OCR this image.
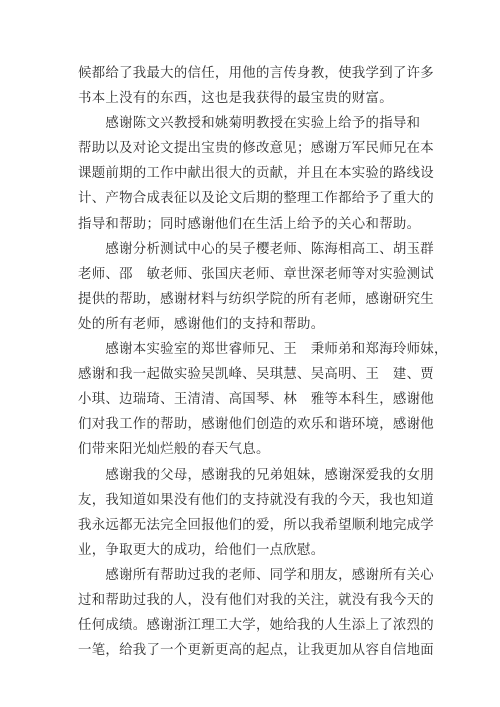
候都给了我最大的信任，用他的言传身教，使我学到了许多
书本上没有的东西，这也是我获得的最宝贵的财富。
　　感谢陈文兴教授和姚菊明教授在实验上给予的指导和
帮助以及对论文提出宝贵的修改意见；感谢万军民师兄在本
课题前期的工作中献出很大的贡献，并且在本实验的路线设
计、产物合成表征以及论文后期的整理工作都给予了重大的
指导和帮助；同时感谢他们在生活上给予的关心和帮助。
　　感谢分析测试中心的吴子樱老师、陈海相高工、胡玉群
老师、邵　敏老师、张国庆老师、章世深老师等对实验测试
提供的帮助，感谢材料与纺织学院的所有老师，感谢研究生
处的所有老师，感谢他们的支持和帮助。
　　感谢本实验室的郑世睿师兄、王　秉师弟和郑海玲师妹，
感谢和我一起做实验吴凯峰、吴琪慧、吴高明、王　建、贾
小琪、边瑞琦、王清清、高国琴、林　雅等本科生，感谢他
们对我工作的帮助，感谢他们创造的欢乐和谐环境，感谢他
们带来阳光灿烂般的春天气息。
　　感谢我的父母，感谢我的兄弟姐妹，感谢深爱我的女朋
友，我知道如果没有他们的支持就没有我的今天，我也知道
我永远都无法完全回报他们的爱，所以我希望顺利地完成学
业，争取更大的成功，给他们一点欣慰。
　　感谢所有帮助过我的老师、同学和朋友，感谢所有关心
过和帮助过我的人，没有他们对我的关注，就没有我今天的
任何成绩。感谢浙江理工大学，她给我的人生添上了浓烈的
一笔，给我了一个更新更高的起点，让我更加从容自信地面
